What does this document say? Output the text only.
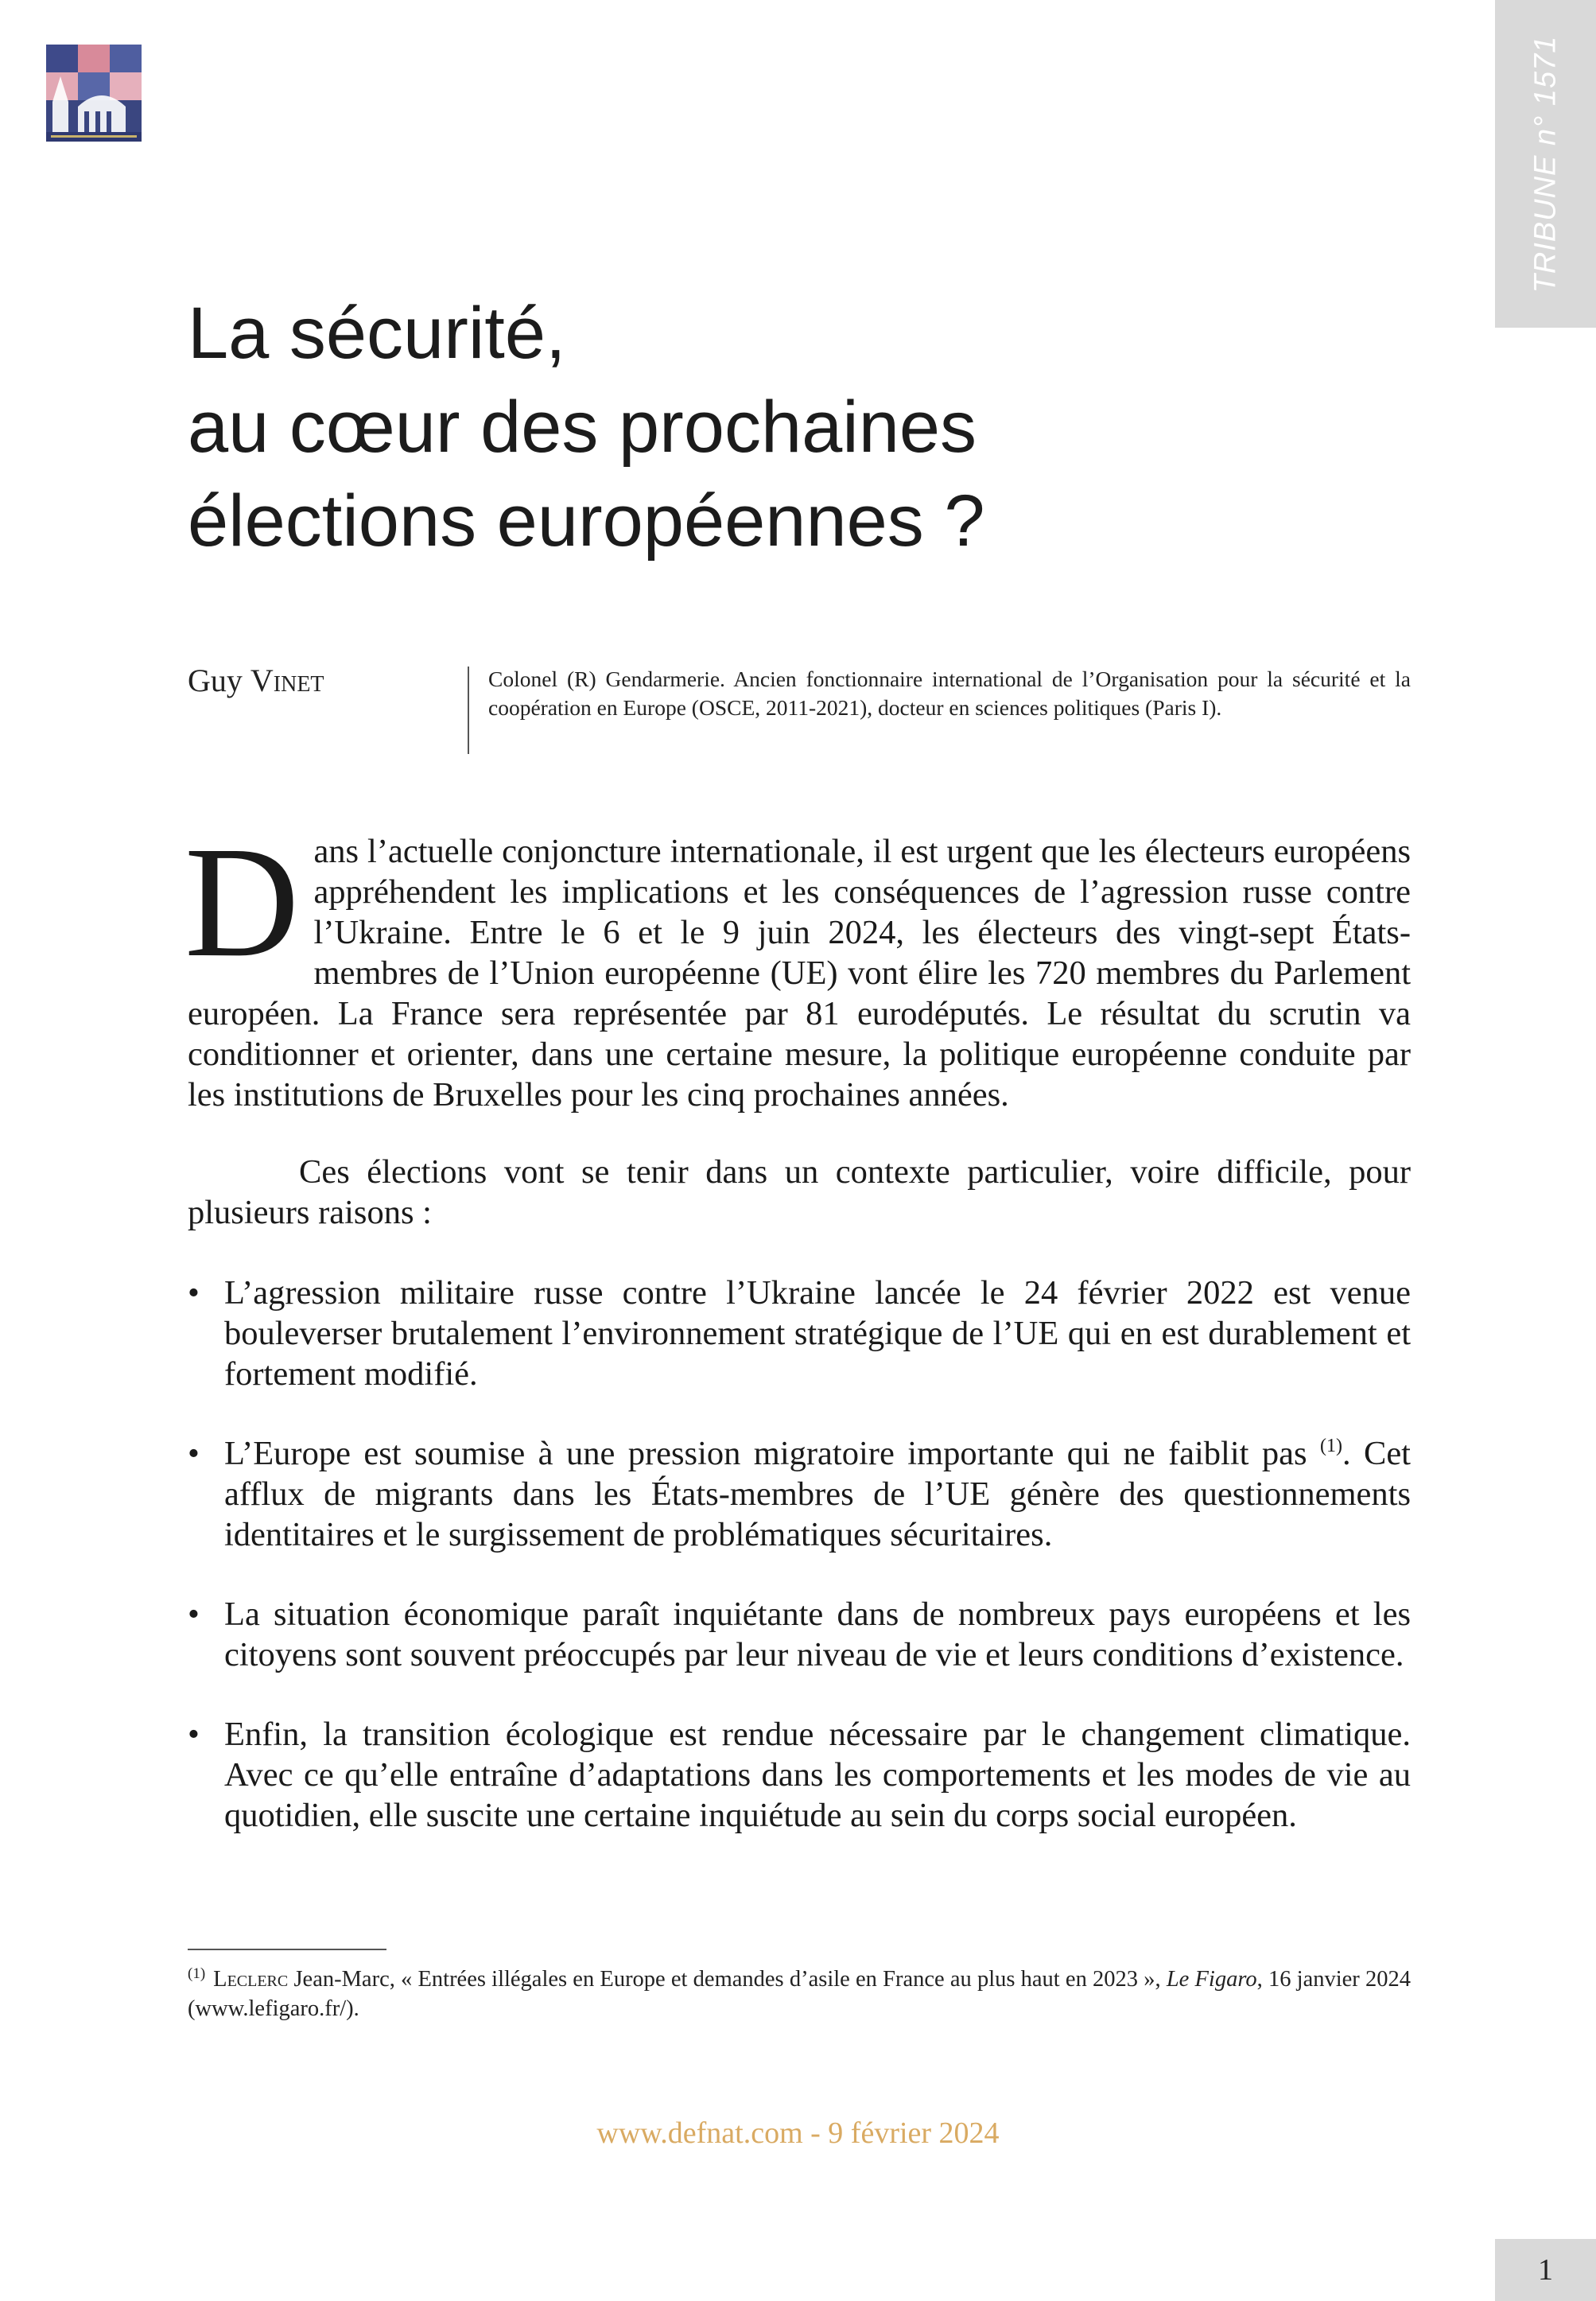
TRIBUNE n° 1571
La sécurité,
au cœur des prochaines
élections européennes ?
Guy Vinet	Colonel (R) Gendarmerie. Ancien fonctionnaire international de l’Organisation pour la sécurité et la coopération en Europe (OSCE, 2011-2021), docteur en sciences politiques (Paris I).

Dans l’actuelle conjoncture internationale, il est urgent que les électeurs européens appréhendent les implications et les conséquences de l’agression russe contre l’Ukraine. Entre le 6 et le 9 juin 2024, les électeurs des vingt-sept États-membres de l’Union européenne (UE) vont élire les 720 membres du Parlement européen. La France sera représentée par 81 eurodéputés. Le résultat du scrutin va conditionner et orienter, dans une certaine mesure, la politique européenne conduite par les institutions de Bruxelles pour les cinq prochaines années.

Ces élections vont se tenir dans un contexte particulier, voire difficile, pour plusieurs raisons :

• L’agression militaire russe contre l’Ukraine lancée le 24 février 2022 est venue bouleverser brutalement l’environnement stratégique de l’UE qui en est durablement et fortement modifié.
• L’Europe est soumise à une pression migratoire importante qui ne faiblit pas $^{(1)}$. Cet afflux de migrants dans les États-membres de l’UE génère des questionnements identitaires et le surgissement de problématiques sécuritaires.
• La situation économique paraît inquiétante dans de nombreux pays européens et les citoyens sont souvent préoccupés par leur niveau de vie et leurs conditions d’existence.
• Enfin, la transition écologique est rendue nécessaire par le changement climatique. Avec ce qu’elle entraîne d’adaptations dans les comportements et les modes de vie au quotidien, elle suscite une certaine inquiétude au sein du corps social européen.
$^{(1)}$ Leclerc Jean-Marc, « Entrées illégales en Europe et demandes d’asile en France au plus haut en 2023 », Le Figaro, 16 janvier 2024 (www.lefigaro.fr/).
www.defnat.com - 9 février 2024
1
